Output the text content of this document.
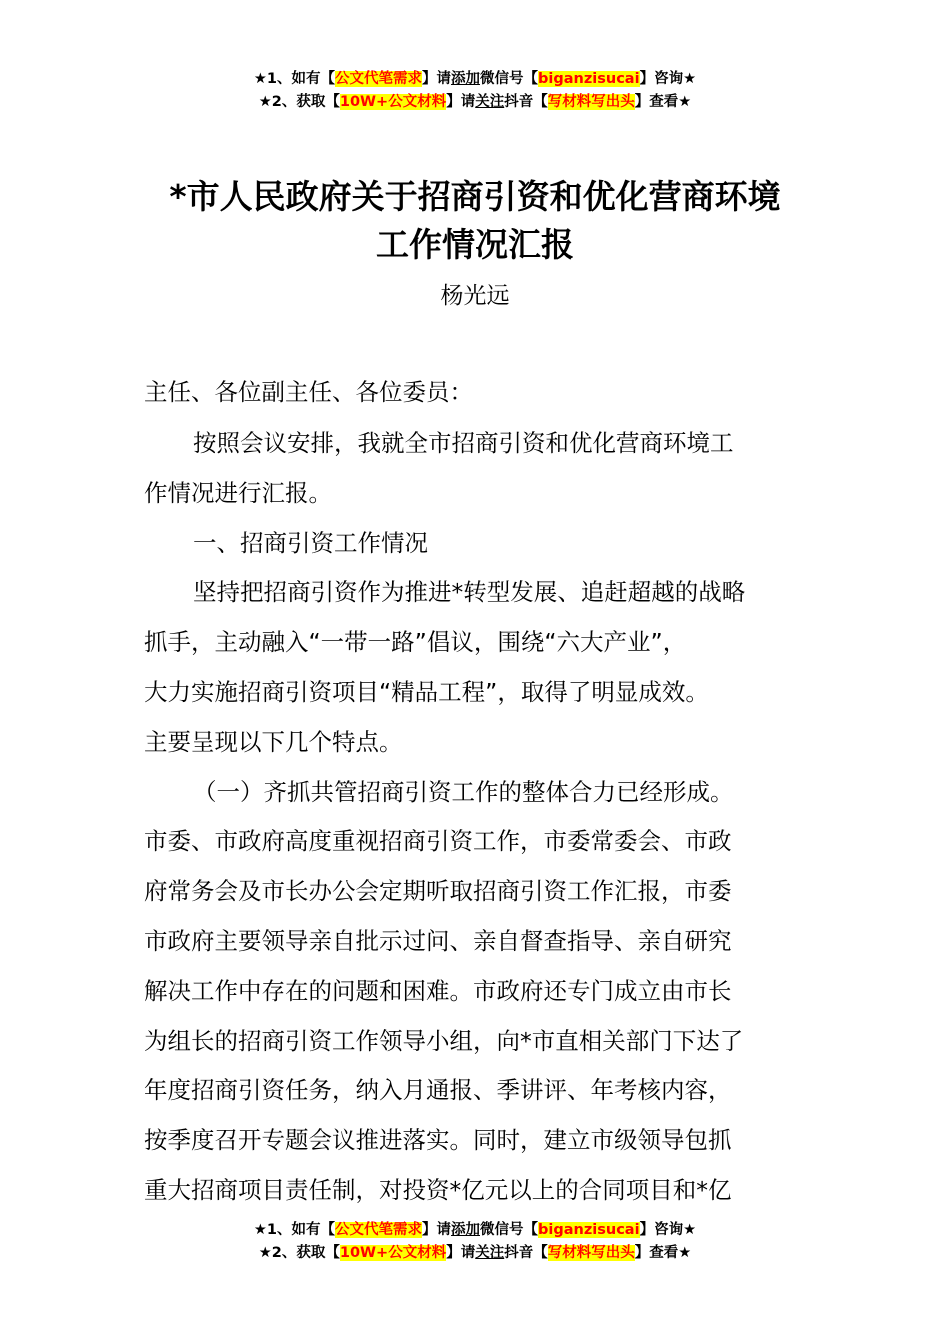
★1、如有【公文代笔需求】请添加微信号【biganzisucai】咨询★
★2、获取【10W+公文材料】请关注抖音【写材料写出头】查看★
*市人民政府关于招商引资和优化营商环境
工作情况汇报
杨光远
主任、各位副主任、各位委员：
按照会议安排，我就全市招商引资和优化营商环境工
作情况进行汇报。
一、招商引资工作情况
坚持把招商引资作为推进*转型发展、追赶超越的战略
抓手，主动融入“一带一路”倡议，围绕“六大产业”，
大力实施招商引资项目“精品工程”，取得了明显成效。
主要呈现以下几个特点。
（一）齐抓共管招商引资工作的整体合力已经形成。
市委、市政府高度重视招商引资工作，市委常委会、市政
府常务会及市长办公会定期听取招商引资工作汇报，市委
市政府主要领导亲自批示过问、亲自督查指导、亲自研究
解决工作中存在的问题和困难。市政府还专门成立由市长
为组长的招商引资工作领导小组，向*市直相关部门下达了
年度招商引资任务，纳入月通报、季讲评、年考核内容，
按季度召开专题会议推进落实。同时，建立市级领导包抓
重大招商项目责任制，对投资*亿元以上的合同项目和*亿
★1、如有【公文代笔需求】请添加微信号【biganzisucai】咨询★
★2、获取【10W+公文材料】请关注抖音【写材料写出头】查看★
